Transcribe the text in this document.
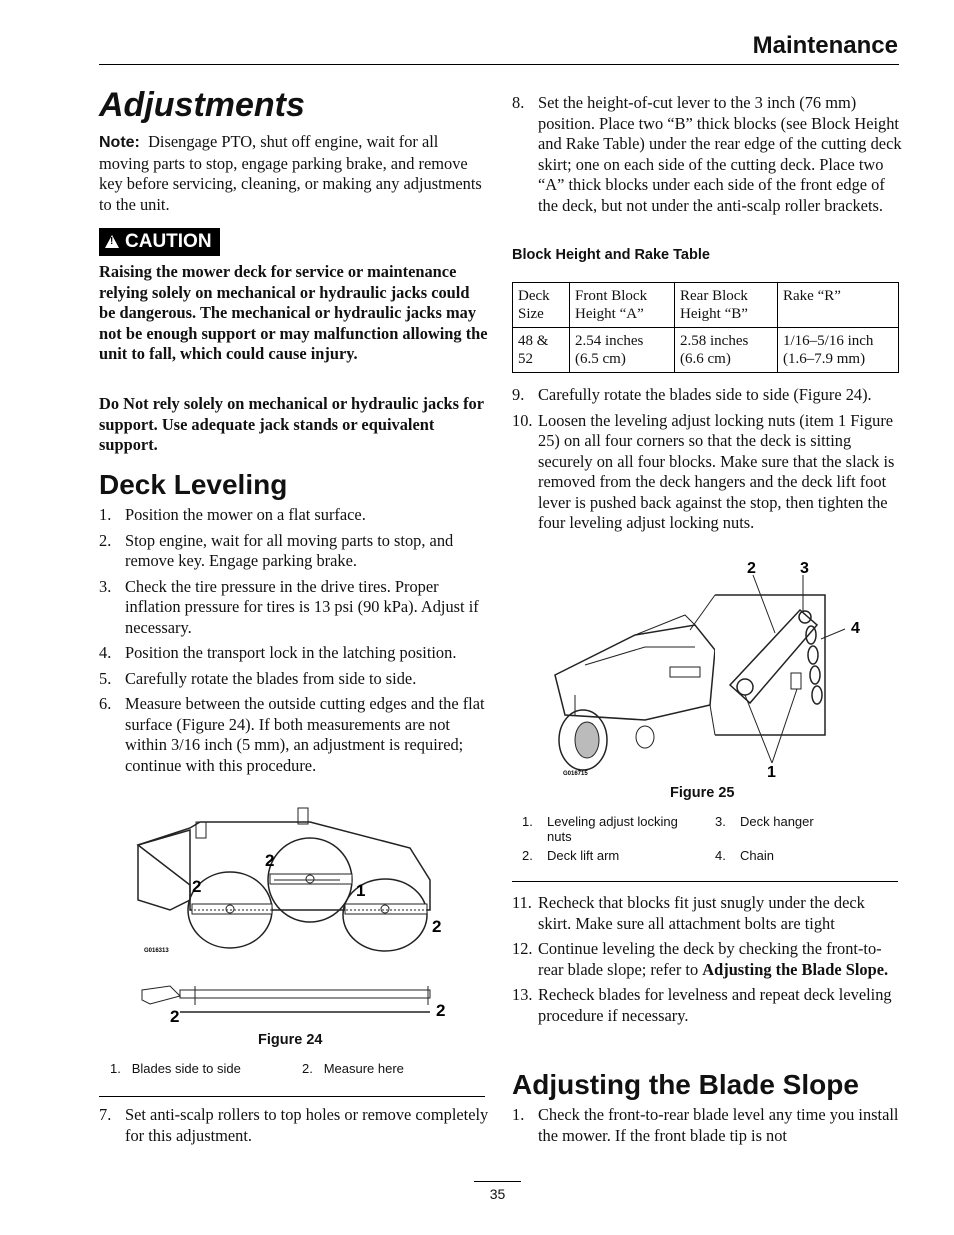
Maintenance
Adjustments

Note: Disengage PTO, shut off engine, wait for all moving parts to stop, engage parking brake, and remove key before servicing, cleaning, or making any adjustments to the unit.

!CAUTION

Raising the mower deck for service or maintenance relying solely on mechanical or hydraulic jacks could be dangerous. The mechanical or hydraulic jacks may not be enough support or may malfunction allowing the unit to fall, which could cause injury.

Do Not rely solely on mechanical or hydraulic jacks for support. Use adequate jack stands or equivalent support.

Deck Leveling
1. Position the mower on a flat surface.
2. Stop engine, wait for all moving parts to stop, and remove key. Engage parking brake.
3. Check the tire pressure in the drive tires. Proper inflation pressure for tires is 13 psi (90 kPa). Adjust if necessary.
4. Position the transport lock in the latching position.
5. Carefully rotate the blades from side to side.
6. Measure between the outside cutting edges and the flat surface (Figure 24). If both measurements are not within 3/16 inch (5 mm), an adjustment is required; continue with this procedure.
G016313
2
2	1
2
2	2
Figure 24
1. Blades side to side	2. Measure here
7. Set anti-scalp rollers to top holes or remove completely for this adjustment.
8. Set the height-of-cut lever to the 3 inch (76 mm) position. Place two “B” thick blocks (see Block Height and Rake Table) under the rear edge of the cutting deck skirt; one on each side of the cutting deck. Place two “A” thick blocks under each side of the front edge of the deck, but not under the anti-scalp roller brackets.
Block Height and Rake Table
Deck Size	Front Block Height “A”	Rear Block Height “B”	Rake “R”
48 & 52	2.54 inches (6.5 cm)	2.58 inches (6.6 cm)	1/16–5/16 inch (1.6–7.9 mm)
9. Carefully rotate the blades side to side (Figure 24).
10. Loosen the leveling adjust locking nuts (item 1 Figure 25) on all four corners so that the deck is sitting securely on all four blocks. Make sure that the slack is removed from the deck hangers and the deck lift foot lever is pushed back against the stop, then tighten the four leveling adjust locking nuts.
2	3
4
1
G016715
Figure 25
1. Leveling adjust locking nuts
2. Deck lift arm
3. Deck hanger
4. Chain
11. Recheck that blocks fit just snugly under the deck skirt. Make sure all attachment bolts are tight
12. Continue leveling the deck by checking the front-to-rear blade slope; refer to Adjusting the Blade Slope.
13. Recheck blades for levelness and repeat deck leveling procedure if necessary.
Adjusting the Blade Slope
1. Check the front-to-rear blade level any time you install the mower. If the front blade tip is not
35
